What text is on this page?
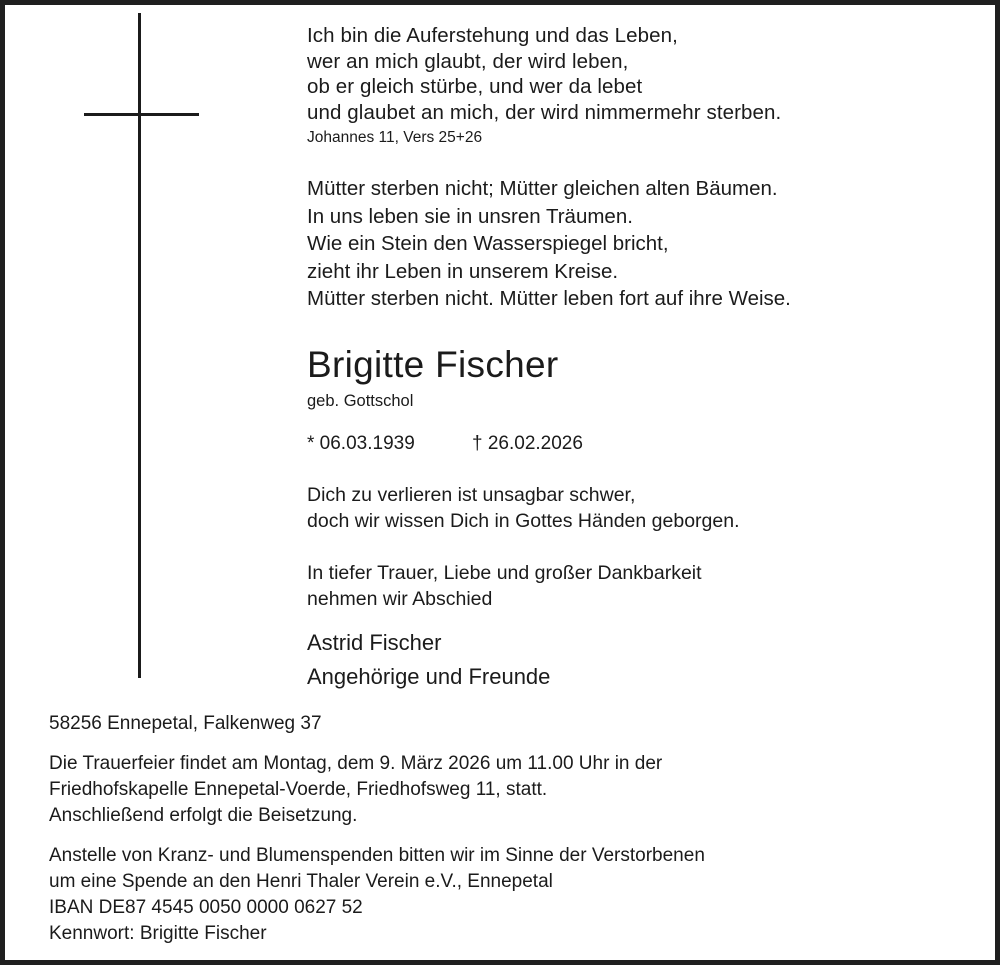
Ich bin die Auferstehung und das Leben,
wer an mich glaubt, der wird leben,
ob er gleich stürbe, und wer da lebet
und glaubet an mich, der wird nimmermehr sterben.
Johannes 11, Vers 25+26
Mütter sterben nicht; Mütter gleichen alten Bäumen.
In uns leben sie in unsren Träumen.
Wie ein Stein den Wasserspiegel bricht,
zieht ihr Leben in unserem Kreise.
Mütter sterben nicht. Mütter leben fort auf ihre Weise.
Brigitte Fischer
geb. Gottschol
* 06.03.1939	† 26.02.2026
Dich zu verlieren ist unsagbar schwer,
doch wir wissen Dich in Gottes Händen geborgen.
In tiefer Trauer, Liebe und großer Dankbarkeit
nehmen wir Abschied
Astrid Fischer
Angehörige und Freunde

58256 Ennepetal, Falkenweg 37

Die Trauerfeier findet am Montag, dem 9. März 2026 um 11.00 Uhr in der

Friedhofskapelle Ennepetal-Voerde, Friedhofsweg 11, statt.

Anschließend erfolgt die Beisetzung.

Anstelle von Kranz- und Blumenspenden bitten wir im Sinne der Verstorbenen

um eine Spende an den Henri Thaler Verein e.V., Ennepetal

IBAN DE87 4545 0050 0000 0627 52

Kennwort: Brigitte Fischer
